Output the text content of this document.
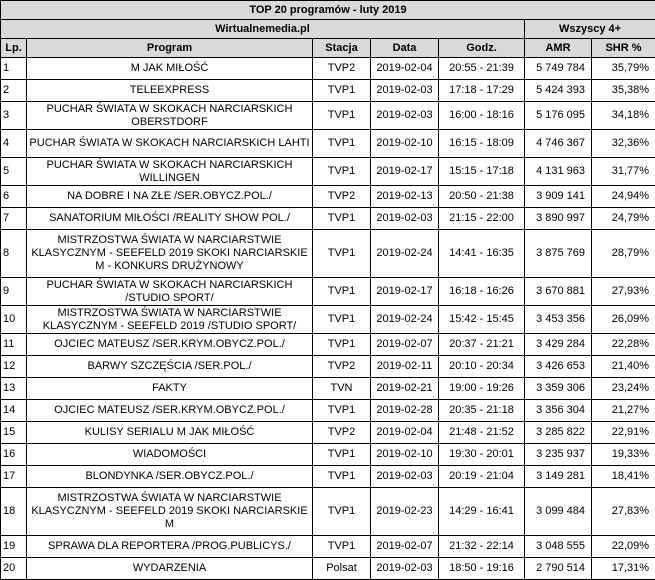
TOP 20 programów - luty 2019						
Wirtualnemedia.pl					Wszyscy 4+	
Lp.	Program	Stacja	Data	Godz.	AMR	SHR %
1	M JAK MIŁOŚĆ	TVP2	2019-02-04	20:55 - 21:39	5 749 784	35,79%
2	TELEEXPRESS	TVP1	2019-02-03	17:18 - 17:29	5 424 393	35,38%
3	PUCHAR ŚWIATA W SKOKACH NARCIARSKICH OBERSTDORF	TVP1	2019-02-03	16:00 - 18:16	5 176 095	34,18%
4	PUCHAR ŚWIATA W SKOKACH NARCIARSKICH LAHTI	TVP1	2019-02-10	16:15 - 18:09	4 746 367	32,36%
5	PUCHAR ŚWIATA W SKOKACH NARCIARSKICH WILLINGEN	TVP1	2019-02-17	15:15 - 17:18	4 131 963	31,77%
6	NA DOBRE I NA ZŁE /SER.OBYCZ.POL./	TVP2	2019-02-13	20:50 - 21:38	3 909 141	24,94%
7	SANATORIUM MIŁOŚCI /REALITY SHOW POL./	TVP1	2019-02-03	21:15 - 22:00	3 890 997	24,79%
8	MISTRZOSTWA ŚWIATA W NARCIARSTWIE KLASYCZNYM - SEEFELD 2019 SKOKI NARCIARSKIE M - KONKURS DRUŻYNOWY	TVP1	2019-02-24	14:41 - 16:35	3 875 769	28,79%
9	PUCHAR ŚWIATA W SKOKACH NARCIARSKICH /STUDIO SPORT/	TVP1	2019-02-17	16:18 - 16:26	3 670 881	27,93%
10	MISTRZOSTWA ŚWIATA W NARCIARSTWIE KLASYCZNYM - SEEFELD 2019 /STUDIO SPORT/	TVP1	2019-02-24	15:42 - 15:45	3 453 356	26,09%
11	OJCIEC MATEUSZ /SER.KRYM.OBYCZ.POL./	TVP1	2019-02-07	20:37 - 21:21	3 429 284	22,28%
12	BARWY SZCZĘŚCIA /SER.POL./	TVP2	2019-02-11	20:10 - 20:34	3 426 653	21,40%
13	FAKTY	TVN	2019-02-21	19:00 - 19:26	3 359 306	23,24%
14	OJCIEC MATEUSZ /SER.KRYM.OBYCZ.POL./	TVP1	2019-02-28	20:35 - 21:18	3 356 304	21,27%
15	KULISY SERIALU M JAK MIŁOŚĆ	TVP2	2019-02-04	21:48 - 21:52	3 285 822	22,91%
16	WIADOMOŚCI	TVP1	2019-02-10	19:30 - 20:01	3 235 937	19,33%
17	BLONDYNKA /SER.OBYCZ.POL./	TVP1	2019-02-03	20:19 - 21:04	3 149 281	18,41%
18	MISTRZOSTWA ŚWIATA W NARCIARSTWIE KLASYCZNYM - SEEFELD 2019 SKOKI NARCIARSKIE M	TVP1	2019-02-23	14:29 - 16:41	3 099 484	27,83%
19	SPRAWA DLA REPORTERA /PROG.PUBLICYS./	TVP1	2019-02-07	21:32 - 22:14	3 048 555	22,09%
20	WYDARZENIA	Polsat	2019-02-03	18:50 - 19:16	2 790 514	17,31%
